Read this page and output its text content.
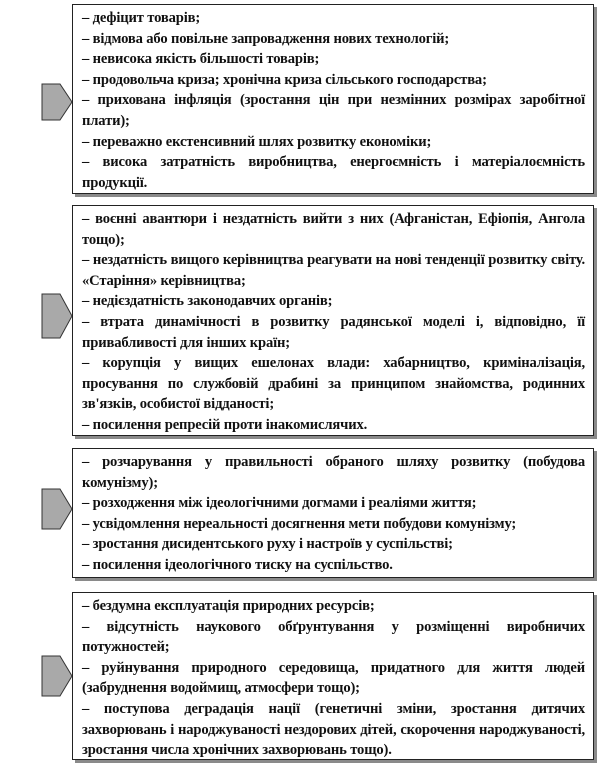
– дефіцит товарів;
– відмова або повільне запровадження нових технологій;
– невисока якість більшості товарів;
– продовольча криза; хронічна криза сільського господарства;
– прихована інфляція (зростання цін при незмінних розмірах заробітної плати);
– переважно екстенсивний шлях розвитку економіки;
– висока затратність виробництва, енергоємність і матеріалоємність продукції.
– воєнні авантюри і нездатність вийти з них (Афганістан, Ефіопія, Ангола тощо);
– нездатність вищого керівництва реагувати на нові тенденції розвитку світу. «Старіння» керівництва;
– недієздатність законодавчих органів;
– втрата динамічності в розвитку радянської моделі і, відповідно, її привабливості для інших країн;
– корупція у вищих ешелонах влади: хабарництво, криміналізація, просування по службовій драбині за принципом знайомства, родинних зв'язків, особистої відданості;
– посилення репресій проти інакомислячих.
– розчарування у правильності обраного шляху розвитку (побудова комунізму);
– розходження між ідеологічними догмами і реаліями життя;
– усвідомлення нереальності досягнення мети побудови комунізму;
– зростання дисидентського руху і настроїв у суспільстві;
– посилення ідеологічного тиску на суспільство.
– бездумна експлуатація природних ресурсів;
– відсутність наукового обґрунтування у розміщенні виробничих потужностей;
– руйнування природного середовища, придатного для життя людей (забруднення водоймищ, атмосфери тощо);
– поступова деградація нації (генетичні зміни, зростання дитячих захворювань і народжуваності нездорових дітей, скорочення народжуваності, зростання числа хронічних захворювань тощо).
